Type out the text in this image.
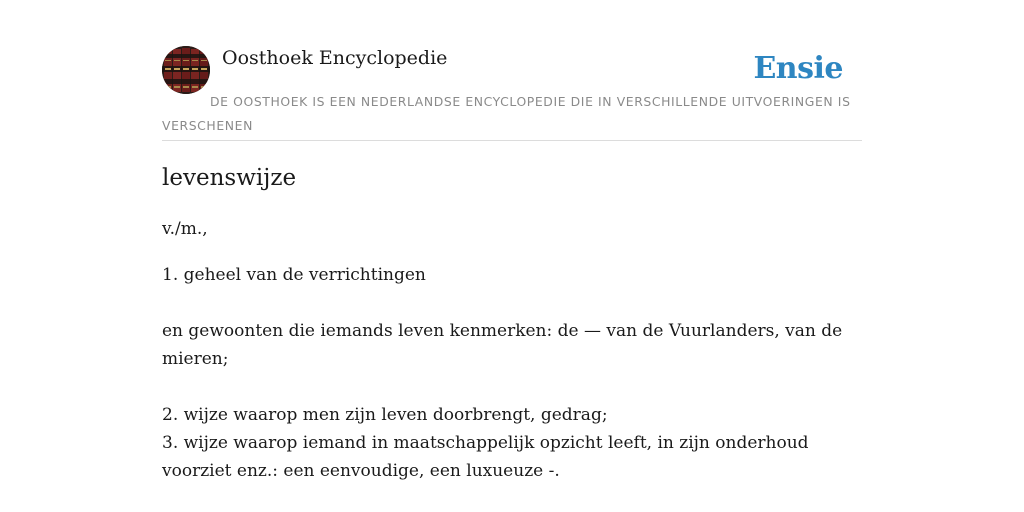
Oosthoek Encyclopedie	Ensie

DE OOSTHOEK IS EEN NEDERLANDSE ENCYCLOPEDIE DIE IN VERSCHILLENDE UITVOERINGEN IS VERSCHENEN

levenswijze

v./m.,

1. geheel van de verrichtingen
en gewoonten die iemands leven kenmerken: de — van de Vuurlanders, van de mieren;
2. wijze waarop men zijn leven doorbrengt, gedrag;
3. wijze waarop iemand in maatschappelijk opzicht leeft, in zijn onderhoud voorziet enz.: een eenvoudige, een luxueuze -.
